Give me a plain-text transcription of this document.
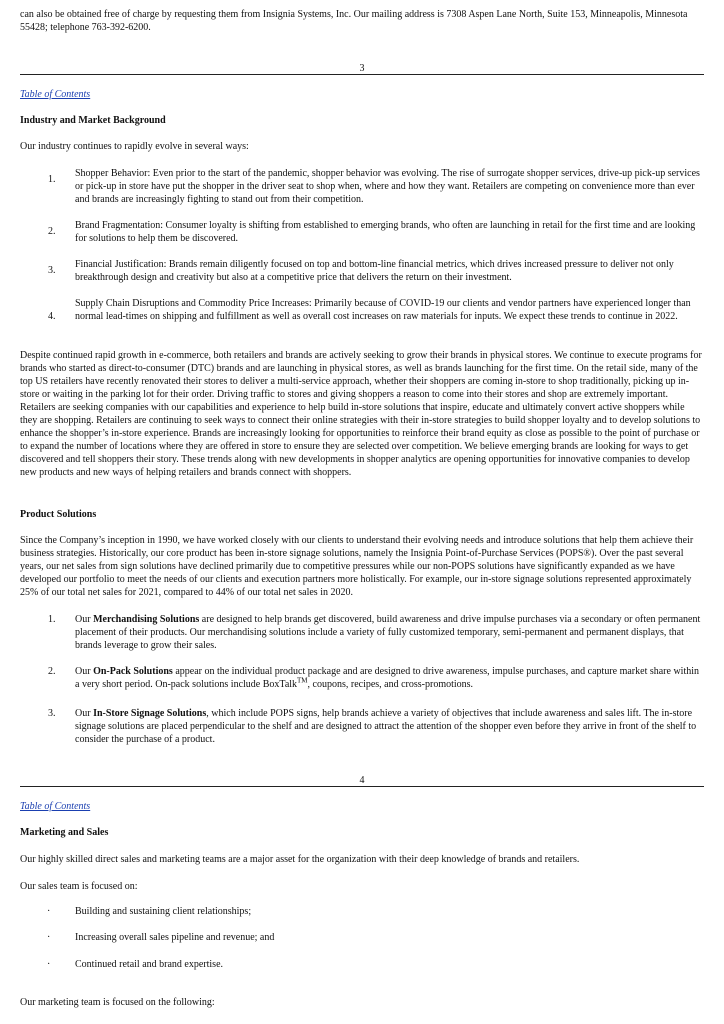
can also be obtained free of charge by requesting them from Insignia Systems, Inc. Our mailing address is 7308 Aspen Lane North, Suite 153, Minneapolis, Minnesota 55428; telephone 763-392-6200.

3
Table of Contents
Industry and Market Background

Our industry continues to rapidly evolve in several ways:

1.
Shopper Behavior: Even prior to the start of the pandemic, shopper behavior was evolving. The rise of surrogate shopper services, drive-up pick-up services or pick-up in store have put the shopper in the driver seat to shop when, where and how they want. Retailers are competing on convenience more than ever and brands are increasingly fighting to stand out from their competition.
2.
Brand Fragmentation: Consumer loyalty is shifting from established to emerging brands, who often are launching in retail for the first time and are looking for solutions to help them be discovered.
3.
Financial Justification: Brands remain diligently focused on top and bottom-line financial metrics, which drives increased pressure to deliver not only breakthrough design and creativity but also at a competitive price that delivers the return on their investment.
4.
Supply Chain Disruptions and Commodity Price Increases: Primarily because of COVID-19 our clients and vendor partners have experienced longer than normal lead-times on shipping and fulfillment as well as overall cost increases on raw materials for inputs. We expect these trends to continue in 2022.

Despite continued rapid growth in e-commerce, both retailers and brands are actively seeking to grow their brands in physical stores. We continue to execute programs for brands who started as direct-to-consumer (DTC) brands and are launching in physical stores, as well as brands launching for the first time. On the retail side, many of the top US retailers have recently renovated their stores to deliver a multi-service approach, whether their shoppers are coming in-store to shop traditionally, picking up in-store or waiting in the parking lot for their order. Driving traffic to stores and giving shoppers a reason to come into their stores and shop are extremely important. Retailers are seeking companies with our capabilities and experience to help build in-store solutions that inspire, educate and ultimately convert active shoppers while they are shopping. Retailers are continuing to seek ways to connect their online strategies with their in-store strategies to build shopper loyalty and to develop solutions to enhance the shopper’s in-store experience. Brands are increasingly looking for opportunities to reinforce their brand equity as close as possible to the point of purchase or to expand the number of locations where they are offered in store to ensure they are selected over competition. We believe emerging brands are looking for ways to get discovered and tell shoppers their story. These trends along with new developments in shopper analytics are opening opportunities for innovative companies to develop new products and new ways of helping retailers and brands connect with shoppers.

Product Solutions

Since the Company’s inception in 1990, we have worked closely with our clients to understand their evolving needs and introduce solutions that help them achieve their business strategies. Historically, our core product has been in-store signage solutions, namely the Insignia Point-of-Purchase Services (POPS®). Over the past several years, our net sales from sign solutions have declined primarily due to competitive pressures while our non-POPS solutions have significantly expanded as we have developed our portfolio to meet the needs of our clients and execution partners more holistically. For example, our in-store signage solutions represented approximately 25% of our total net sales for 2021, compared to 44% of our total net sales in 2020.

1.	Our Merchandising Solutions are designed to help brands get discovered, build awareness and drive impulse purchases via a secondary or often permanent placement of their products. Our merchandising solutions include a variety of fully customized temporary, semi-permanent and permanent displays, that brands leverage to grow their sales.
2.	Our On-Pack Solutions appear on the individual product package and are designed to drive awareness, impulse purchases, and capture market share within a very short period. On-pack solutions include BoxTalk™, coupons, recipes, and cross-promotions.
3.	Our In-Store Signage Solutions, which include POPS signs, help brands achieve a variety of objectives that include awareness and sales lift. The in-store signage solutions are placed perpendicular to the shelf and are designed to attract the attention of the shopper even before they arrive in front of the shelf to consider the purchase of a product.
4
Table of Contents
Marketing and Sales

Our highly skilled direct sales and marketing teams are a major asset for the organization with their deep knowledge of brands and retailers.

Our sales team is focused on:

· Building and sustaining client relationships;
· Increasing overall sales pipeline and revenue; and
· Continued retail and brand expertise.

Our marketing team is focused on the following:
